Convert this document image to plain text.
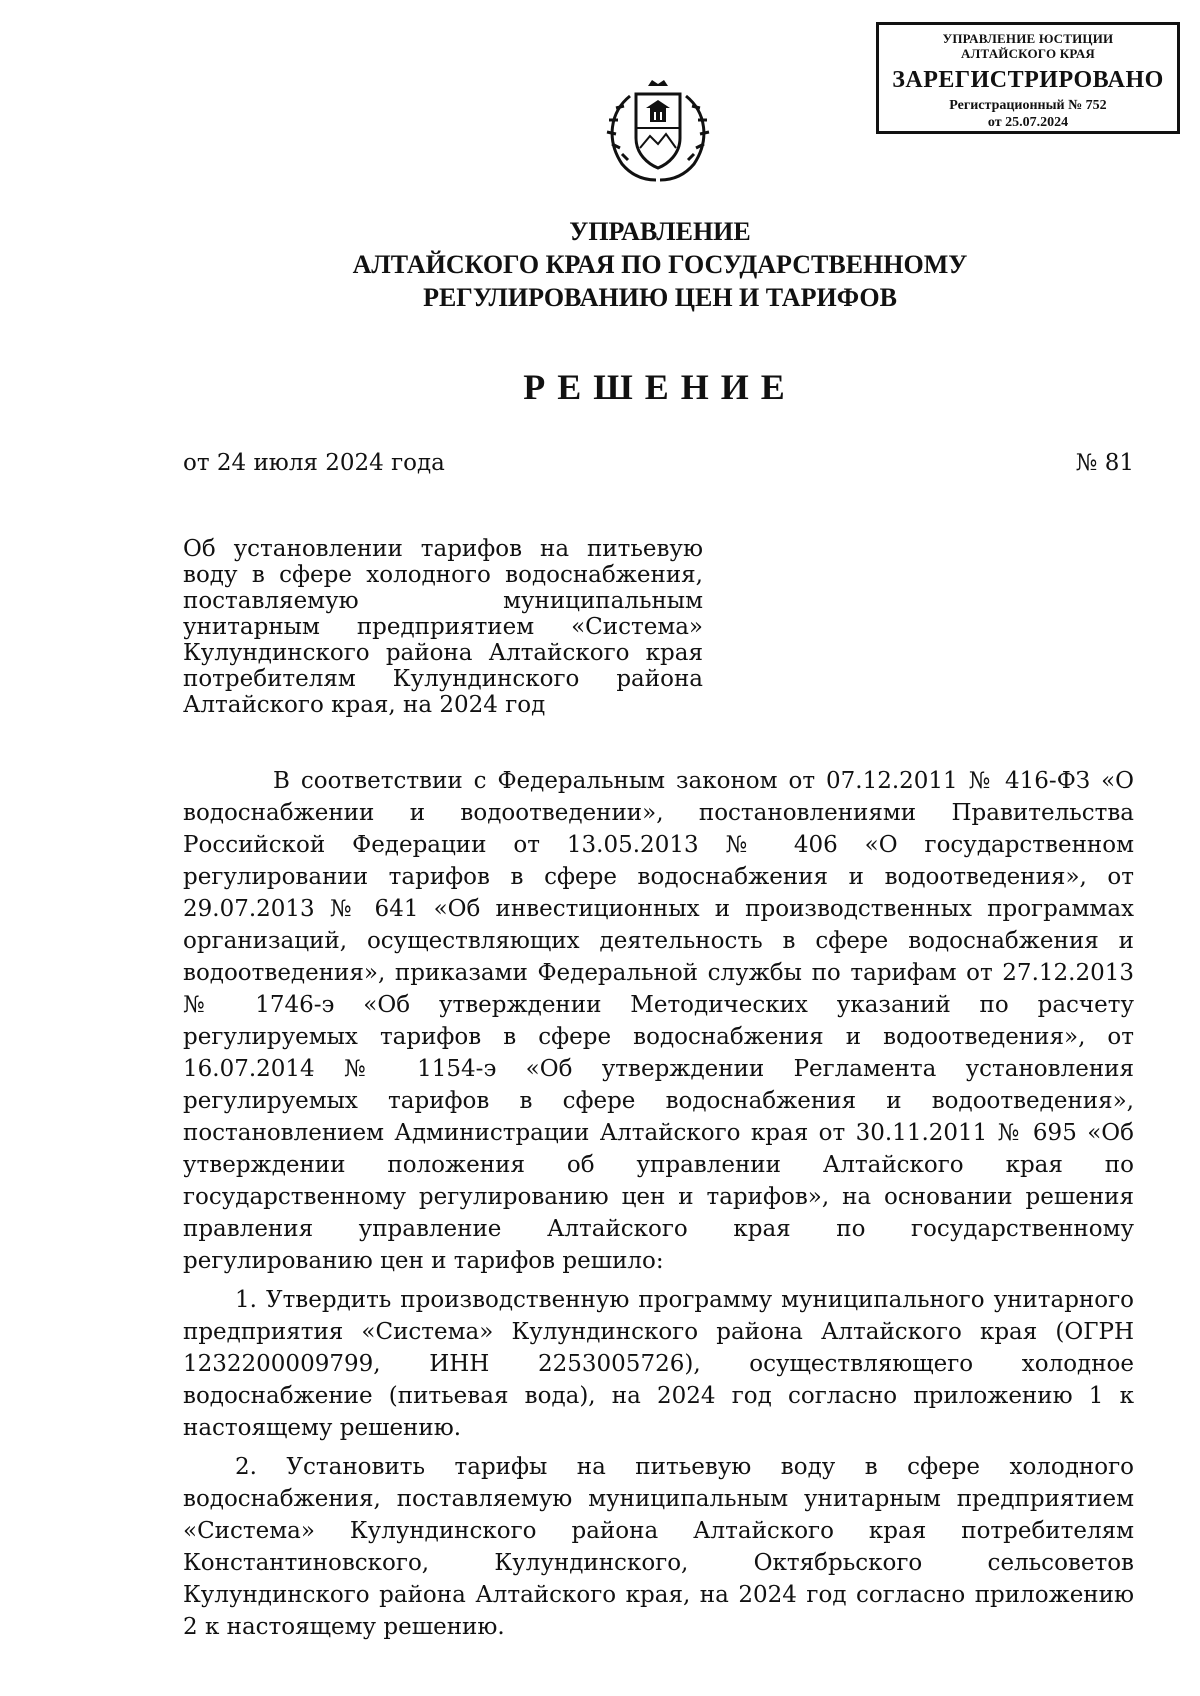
УПРАВЛЕНИЕ ЮСТИЦИИ
АЛТАЙСКОГО КРАЯ
ЗАРЕГИСТРИРОВАНО
Регистрационный № 752
от 25.07.2024
УПРАВЛЕНИЕ
АЛТАЙСКОГО КРАЯ ПО ГОСУДАРСТВЕННОМУ
РЕГУЛИРОВАНИЮ ЦЕН И ТАРИФОВ
РЕШЕНИЕ
от 24 июля 2024 года	№ 81
Об установлении тарифов на питьевую воду в сфере холодного водоснабжения, поставляемую муниципальным унитарным предприятием «Система» Кулундинского района Алтайского края потребителям Кулундинского района Алтайского края, на 2024 год

В соответствии с Федеральным законом от 07.12.2011 № 416-ФЗ «О водоснабжении и водоотведении», постановлениями Правительства Российской Федерации от 13.05.2013 № 406 «О государственном регулировании тарифов в сфере водоснабжения и водоотведения», от 29.07.2013 № 641 «Об инвестиционных и производственных программах организаций, осуществляющих деятельность в сфере водоснабжения и водоотведения», приказами Федеральной службы по тарифам от 27.12.2013 № 1746-э «Об утверждении Методических указаний по расчету регулируемых тарифов в сфере водоснабжения и водоотведения», от 16.07.2014 № 1154-э «Об утверждении Регламента установления регулируемых тарифов в сфере водоснабжения и водоотведения», постановлением Администрации Алтайского края от 30.11.2011 № 695 «Об утверждении положения об управлении Алтайского края по государственному регулированию цен и тарифов», на основании решения правления управление Алтайского края по государственному регулированию цен и тарифов решило:

1. Утвердить производственную программу муниципального унитарного предприятия «Система» Кулундинского района Алтайского края (ОГРН 1232200009799, ИНН 2253005726), осуществляющего холодное водоснабжение (питьевая вода), на 2024 год согласно приложению 1 к настоящему решению.

2. Установить тарифы на питьевую воду в сфере холодного водоснабжения, поставляемую муниципальным унитарным предприятием «Система» Кулундинского района Алтайского края потребителям Константиновского, Кулундинского, Октябрьского сельсоветов Кулундинского района Алтайского края, на 2024 год согласно приложению 2 к настоящему решению.
